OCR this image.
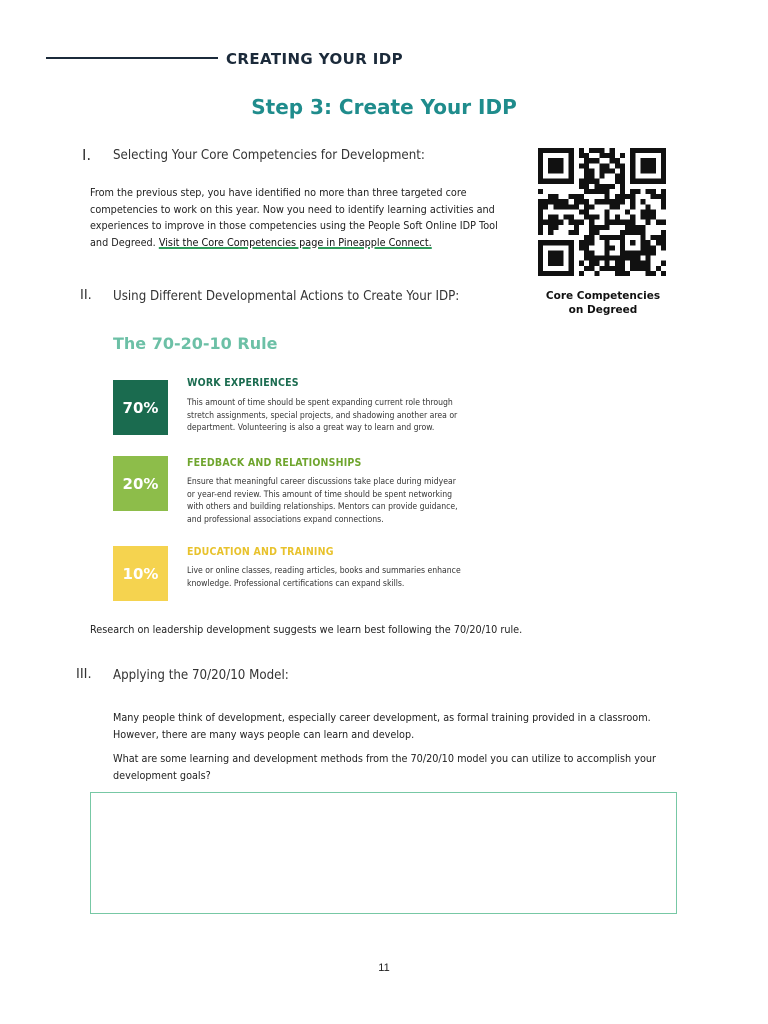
CREATING YOUR IDP
Step 3: Create Your IDP
I. Selecting Your Core Competencies for Development:
From the previous step, you have identified no more than three targeted core
competencies to work on this year. Now you need to identify learning activities and
experiences to improve in those competencies using the People Soft Online IDP Tool
and Degreed. Visit the Core Competencies page in Pineapple Connect.
Core Competencies
on Degreed
II. Using Different Developmental Actions to Create Your IDP:
The 70-20-10 Rule
70%
WORK EXPERIENCES
This amount of time should be spent expanding current role through
stretch assignments, special projects, and shadowing another area or
department. Volunteering is also a great way to learn and grow.
20%
FEEDBACK AND RELATIONSHIPS
Ensure that meaningful career discussions take place during midyear
or year-end review. This amount of time should be spent networking
with others and building relationships. Mentors can provide guidance,
and professional associations expand connections.
10%
EDUCATION AND TRAINING
Live or online classes, reading articles, books and summaries enhance
knowledge. Professional certifications can expand skills.
Research on leadership development suggests we learn best following the 70/20/10 rule.
III. Applying the 70/20/10 Model:
Many people think of development, especially career development, as formal training provided in a classroom.
However, there are many ways people can learn and develop.
What are some learning and development methods from the 70/20/10 model you can utilize to accomplish your
development goals?
11
